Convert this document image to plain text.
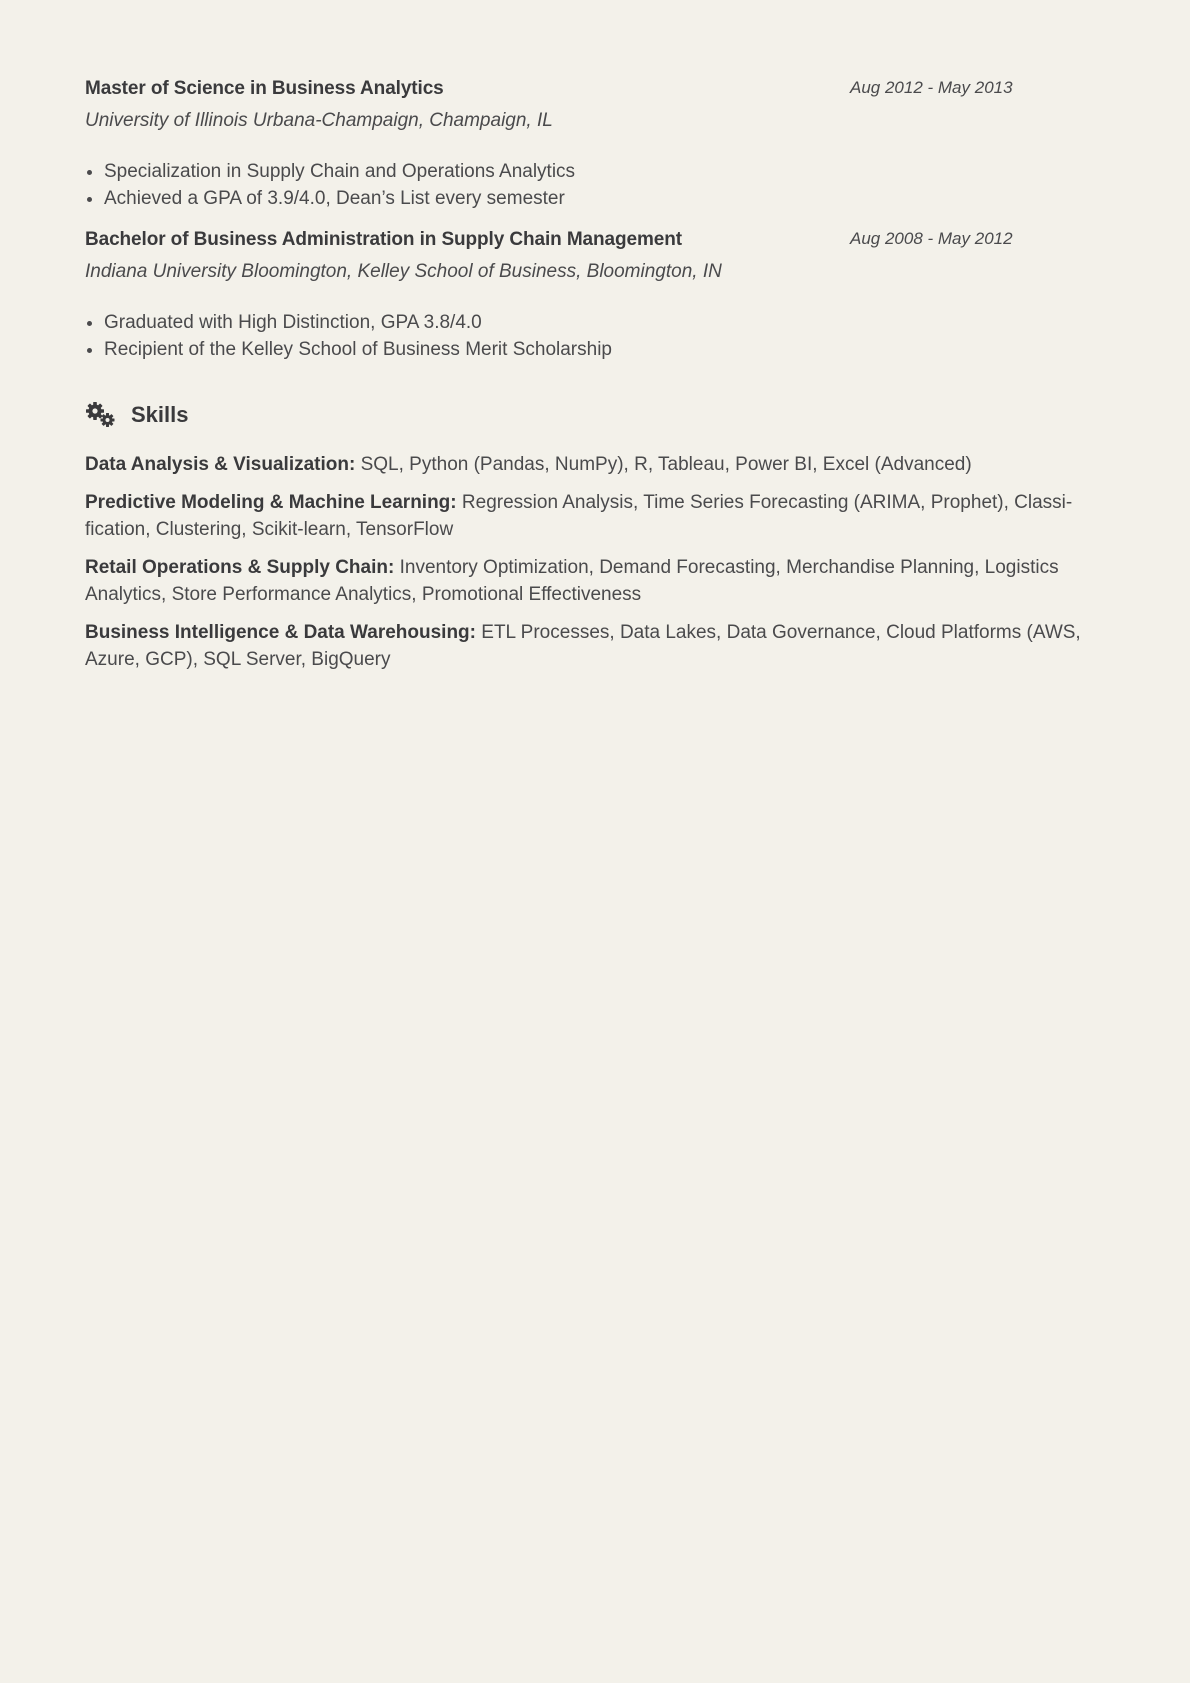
Master of Science in Business Analytics	Aug 2012 - May 2013
University of Illinois Urbana-Champaign, Champaign, IL
Specialization in Supply Chain and Operations Analytics
Achieved a GPA of 3.9/4.0, Dean’s List every semester
Bachelor of Business Administration in Supply Chain Management	Aug 2008 - May 2012
Indiana University Bloomington, Kelley School of Business, Bloomington, IN
Graduated with High Distinction, GPA 3.8/4.0
Recipient of the Kelley School of Business Merit Scholarship
Skills
Data Analysis & Visualization: SQL, Python (Pandas, NumPy), R, Tableau, Power BI, Excel (Advanced)
Predictive Modeling & Machine Learning: Regression Analysis, Time Series Forecasting (ARIMA, Prophet), Classi-fication, Clustering, Scikit-learn, TensorFlow
Retail Operations & Supply Chain: Inventory Optimization, Demand Forecasting, Merchandise Planning, Logistics Analytics, Store Performance Analytics, Promotional Effectiveness
Business Intelligence & Data Warehousing: ETL Processes, Data Lakes, Data Governance, Cloud Platforms (AWS, Azure, GCP), SQL Server, BigQuery
